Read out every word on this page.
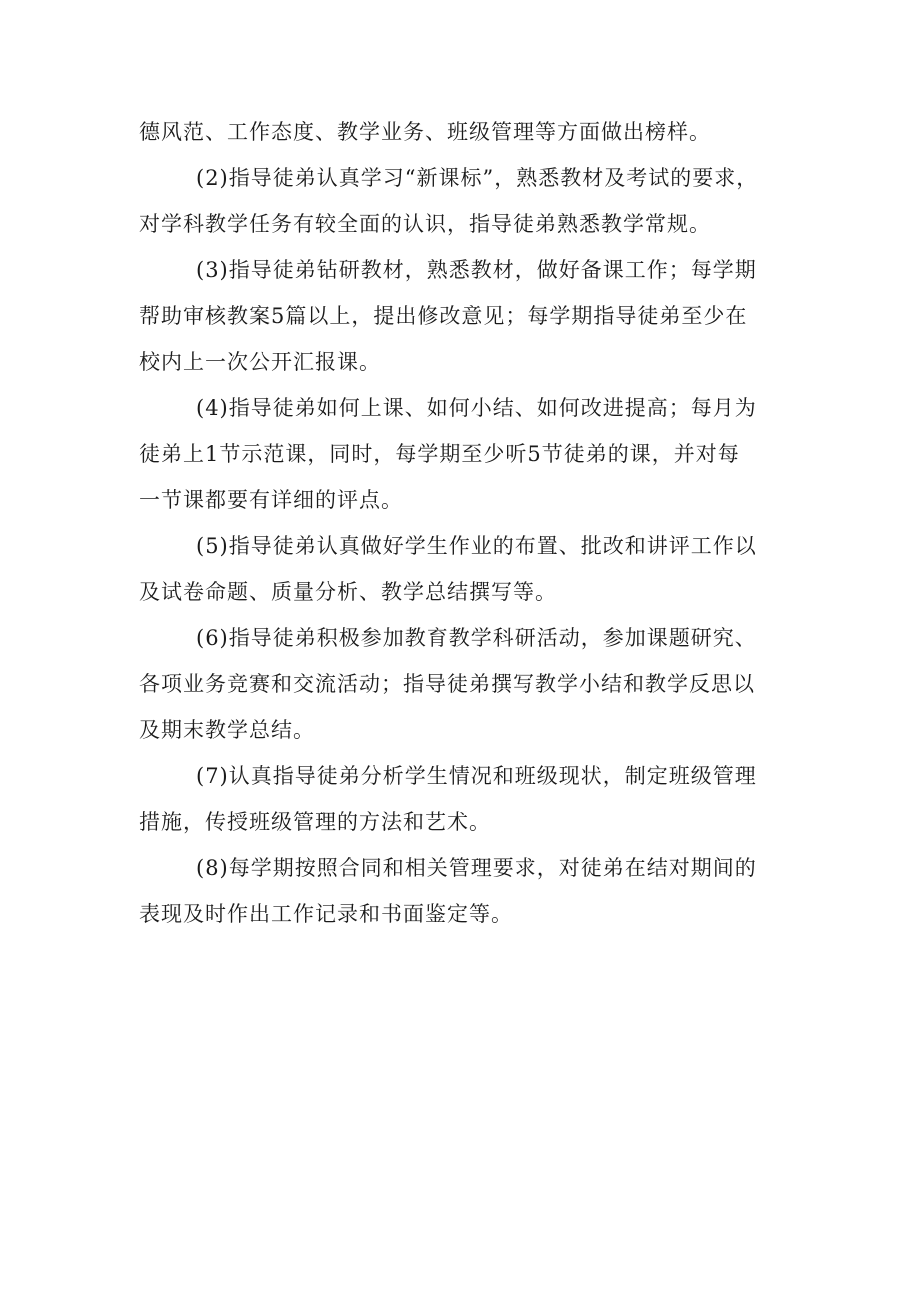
德风范、工作态度、教学业务、班级管理等方面做出榜样。
(2)指导徒弟认真学习“新课标”，熟悉教材及考试的要求，
对学科教学任务有较全面的认识，指导徒弟熟悉教学常规。
(3)指导徒弟钻研教材，熟悉教材，做好备课工作；每学期
帮助审核教案5篇以上，提出修改意见；每学期指导徒弟至少在
校内上一次公开汇报课。
(4)指导徒弟如何上课、如何小结、如何改进提高；每月为
徒弟上1节示范课，同时，每学期至少听5节徒弟的课，并对每
一节课都要有详细的评点。
(5)指导徒弟认真做好学生作业的布置、批改和讲评工作以
及试卷命题、质量分析、教学总结撰写等。
(6)指导徒弟积极参加教育教学科研活动，参加课题研究、
各项业务竞赛和交流活动；指导徒弟撰写教学小结和教学反思以
及期末教学总结。
(7)认真指导徒弟分析学生情况和班级现状，制定班级管理
措施，传授班级管理的方法和艺术。
(8)每学期按照合同和相关管理要求，对徒弟在结对期间的
表现及时作出工作记录和书面鉴定等。
